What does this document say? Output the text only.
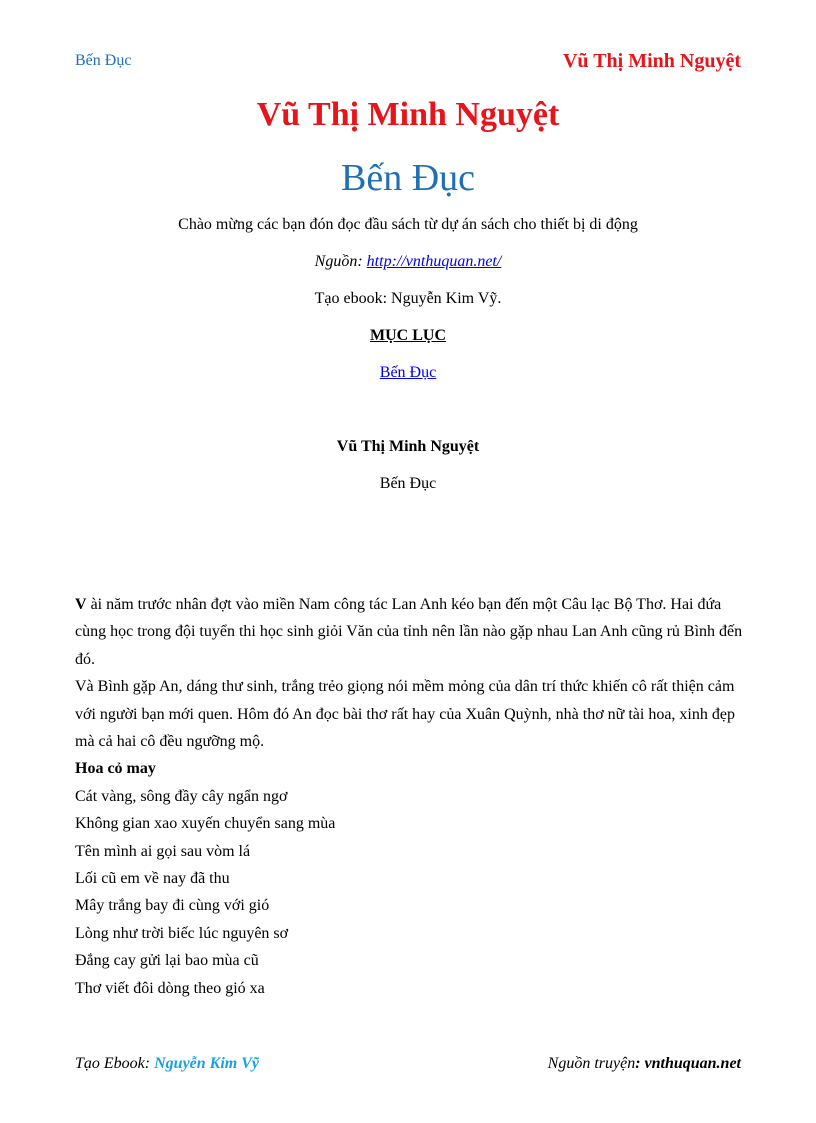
Bến Đục	Vũ Thị Minh Nguyệt
Vũ Thị Minh Nguyệt
Bến Đục
Chào mừng các bạn đón đọc đầu sách từ dự án sách cho thiết bị di động
Nguồn: http://vnthuquan.net/
Tạo ebook: Nguyễn Kim Vỹ.
MỤC LỤC
Bến Đục
Vũ Thị Minh Nguyệt
Bến Đục

V ài năm trước nhân đợt vào miền Nam công tác Lan Anh kéo bạn đến một Câu lạc Bộ Thơ. Hai đứa cùng học trong đội tuyển thi học sinh giỏi Văn của tỉnh nên lần nào gặp nhau Lan Anh cũng rủ Bình đến đó.

Và Bình gặp An, dáng thư sinh, trắng trẻo giọng nói mềm mỏng của dân trí thức khiến cô rất thiện cảm với người bạn mới quen. Hôm đó An đọc bài thơ rất hay của Xuân Quỳnh, nhà thơ nữ tài hoa, xinh đẹp mà cả hai cô đều ngưỡng mộ.

Hoa cỏ may

Cát vàng, sông đầy cây ngẩn ngơ

Không gian xao xuyến chuyển sang mùa

Tên mình ai gọi sau vòm lá

Lối cũ em về nay đã thu

Mây trắng bay đi cùng với gió

Lòng như trời biếc lúc nguyên sơ

Đắng cay gửi lại bao mùa cũ

Thơ viết đôi dòng theo gió xa

Tạo Ebook: Nguyễn Kim Vỹ	Nguồn truyện: vnthuquan.net
